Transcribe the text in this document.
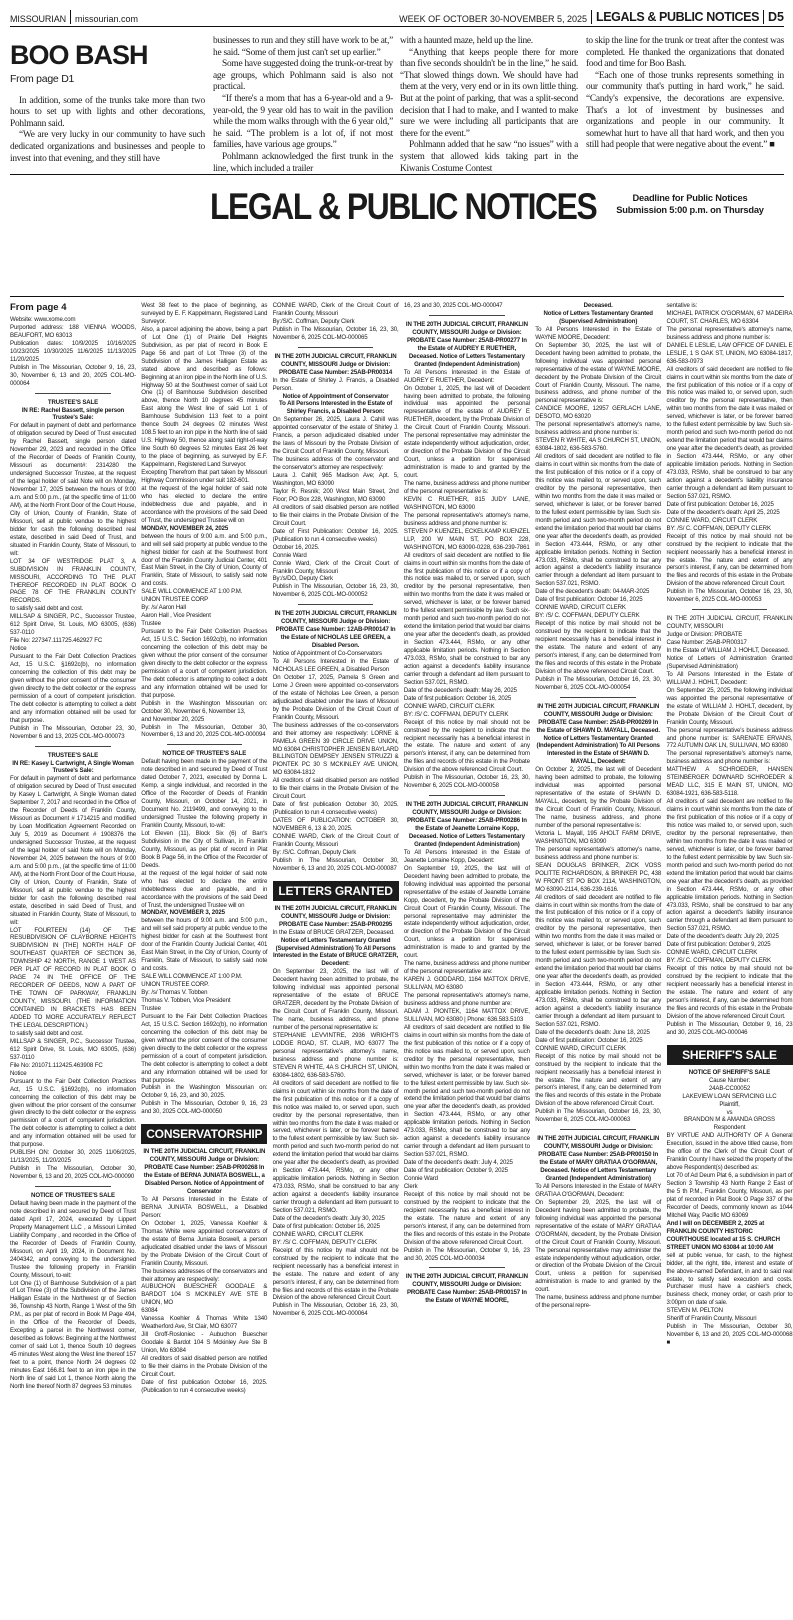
MISSOURIAN missourian.com	WEEK OF OCTOBER 30-NOVEMBER 5, 2025 LEGALS & PUBLIC NOTICES D5
BOO BASH
From page D1

In addition, some of the trunks take more than two hours to set up with lights and other decorations, Pohlmann said.

“We are very lucky in our community to have such dedicated organizations and businesses and people to invest into that evening, and they still have

businesses to run and they still have work to be at,” he said. “Some of them just can't set up earlier.”

Some have suggested doing the trunk-or-treat by age groups, which Pohlmann said is also not practical.

“If there's a mom that has a 6-year-old and a 9-year-old, the 9 year old has to wait in the pavilion while the mom walks through with the 6 year old,” he said. “The problem is a lot of, if not most families, have various age groups.”

Pohlmann acknowledged the first trunk in the line, which included a trailer

with a haunted maze, held up the line.

“Anything that keeps people there for more than five seconds shouldn't be in the line,” he said. “That slowed things down. We should have had them at the very, very end or in its own little thing. But at the point of parking, that was a split-second decision that I had to make, and I wanted to make sure we were including all participants that are there for the event.”

Pohlmann added that he saw “no issues” with a system that allowed kids taking part in the Kiwanis Costume Contest

to skip the line for the trunk or treat after the contest was completed. He thanked the organizations that donated food and time for Boo Bash.

“Each one of those trunks represents something in our community that's putting in hard work,” he said. “Candy's expensive, the decorations are expensive. That's a lot of investment by businesses and organizations and people in our community. It somewhat hurt to have all that hard work, and then you still had people that were negative about the event.” ■

LEGAL & PUBLIC NOTICES	Deadline for Public Notices
Submission 5:00 p.m. on Thursday
From page 4
Website: www.xome.com
Purported address: 188 VIENNA WOODS, BEAUFORT, MO 63013
Publication dates: 10/9/2025 10/16/2025 10/23/2025 10/30/2025 11/6/2025 11/13/2025 11/20/2025
Publish in The Missourian, October 9, 16, 23, 30, November 6, 13 and 20, 2025 COL-MO-000064
TRUSTEE'S SALE
IN RE: Rachel Bassett, single person Trustee's Sale:
For default in payment of debt and performance of obligation secured by Deed of Trust executed by Rachel Bassett, single person dated November 29, 2023 and recorded in the Office of the Recorder of Deeds of Franklin County, Missouri as document#: 2314280 the undersigned Successor Trustee, at the request of the legal holder of said Note will on Monday, November 17, 2025 between the hours of 9:00 a.m. and 5:00 p.m., (at the specific time of 11:00 AM), at the North Front Door of the Court House, City of Union, County of Franklin, State of Missouri, sell at public vendue to the highest bidder for cash the following described real estate, described in said Deed of Trust, and situated in Franklin County, State of Missouri, to wit:
LOT 34 OF WESTRIDGE PLAT 3, A SUBDIVISION IN FRANKLIN COUNTY, MISSOURI, ACCORDING TO THE PLAT THEREOF RECORDED IN PLAT BOOK O PAGE 78 OF THE FRANKLIN COUNTY RECORDS.
to satisfy said debt and cost.
MILLSAP & SINGER, P.C., Successor Trustee, 612 Spirit Drive, St. Louis, MO 63005, (636) 537-0110
File No: 227347.111725.462927 FC
Notice
Pursuant to the Fair Debt Collection Practices Act, 15 U.S.C. §1692c(b), no information concerning the collection of this debt may be given without the prior consent of the consumer given directly to the debt collector or the express permission of a court of competent jurisdiction. The debt collector is attempting to collect a debt and any information obtained will be used for that purpose.
Publish in The Missourian, October 23, 30, November 6 and 13, 2025 COL-MO-000073
TRUSTEE'S SALE
IN RE: Kasey L Cartwright, A Single Woman Trustee's Sale:
For default in payment of debt and performance of obligation secured by Deed of Trust executed by Kasey L Cartwright, A Single Woman dated September 7, 2017 and recorded in the Office of the Recorder of Deeds of Franklin County, Missouri as Document # 1714215 and modified by Loan Modification Agreement Recorded on July 5, 2019 as Document # 1908376 the undersigned Successor Trustee, at the request of the legal holder of said Note will on Monday, November 24, 2025 between the hours of 9:00 a.m. and 5:00 p.m., (at the specific time of 11:00 AM), at the North Front Door of the Court House, City of Union, County of Franklin, State of Missouri, sell at public vendue to the highest bidder for cash the following described real estate, described in said Deed of Trust, and situated in Franklin County, State of Missouri, to wit:
LOT FOURTEEN (14) OF THE RESUBDIVISION OF CLAYBORNE HEIGHTS SUBDIVISION IN [THE] NORTH HALF OF SOUTHEAST QUARTER OF SECTION 36, TOWNSHIP 42 NORTH, RANGE 1 WEST AS PER PLAT OF RECORD IN PLAT BOOK O PAGE 74 IN THE OFFICE OF THE RECORDER OF DEEDS, NOW A PART OF THE TOWN OF PARKWAY, FRANKLIN COUNTY, MISSOURI. (THE INFORMATION CONTAINED IN BRACKETS HAS BEEN ADDED TO MORE ACCURATELY REFLECT THE LEGAL DESCRIPTION.)
to satisfy said debt and cost.
MILLSAP & SINGER, P.C., Successor Trustee, 612 Spirit Drive, St. Louis, MO 63005, (636) 537-0110
File No: 201071.112425.463908 FC
Notice
Pursuant to the Fair Debt Collection Practices Act, 15 U.S.C. §1692c(b), no information concerning the collection of this debt may be given without the prior consent of the consumer given directly to the debt collector or the express permission of a court of competent jurisdiction. The debt collector is attempting to collect a debt and any information obtained will be used for that purpose.
PUBLISH ON: October 30, 2025 11/06/2025, 11/13/2025, 11/20/2025
Publish in The Missourian, October 30, November 6, 13 and 20, 2025 COL-MO-000090
NOTICE OF TRUSTEE'S SALE
Default having been made in the payment of the note described in and secured by Deed of Trust dated April 17, 2024, executed by Lippert Property Management LLC , a Missouri Limited Liability Company , and recorded in the Office of the Recorder of Deeds of Franklin County, Missouri, on April 19, 2024, in Document No. 2404342, and conveying to the undersigned Trustee the following property in Franklin County, Missouri, to-wit:
Lot One (1) of Barnhouse Subdivision of a part of Lot Three (3) of the Subdivision of the James Halligan Estate in the Northwest qr of Section 36, Township 43 North, Range 1 West of the 5th P.M., as per plat of record in Book M Page 494, in the Office of the Recorder of Deeds, Excepting a parcel in the Northwest corner, described as follows: Beginning at the Northwest corner of said Lot 1, thence South 10 degrees 45 minutes West along the West line thereof 157 feet to a point, thence North 24 degrees 02 minutes East 166.81 feet to an iron pipe in the North line of said Lot 1, thence North along the North line thereof North 87 degrees 53 minutes
West 38 feet to the place of beginning, as surveyed by E. F. Kappelmann, Registered Land Surveyor.
Also, a parcel adjoining the above, being a part of Lot One (1) of Prairie Dell Heights Subdivision, as per plat of record in Book E Page 56 and part of Lot Three (3) of the Subdivision of the James Halligan Estate as stated above and described as follows: Beginning at an iron pipe in the North line of U.S. Highway 50 at the Southwest corner of said Lot One (1) of Barnhouse Subdivision described above, thence North 10 degrees 45 minutes East along the West line of said Lot 1 of Barnhouse Subdivision 113 feet to a point thence South 24 degrees 02 minutes West 108.5 feet to an iron pipe in the North line of said U.S. Highway 50, thence along said right-of-way line South 60 degrees 52 minutes East 26 feet to the place of beginning, as surveyed by E.F. Kappelmann, Registered Land Surveyor.
Excepting Therefrom that part taken by Missouri Highway Commission under suit 182-601.
at the request of the legal holder of said note who has elected to declare the entire indebtedness due and payable, and in accordance with the provisions of the said Deed of Trust, the undersigned Trustee will on
MONDAY, NOVEMBER 24, 2025
between the hours of 9:00 a.m. and 5:00 p.m., and will sell said property at public vendue to the highest bidder for cash at the Southwest front door of the Franklin County Judicial Center, 401 East Main Street, in the City of Union, County of Franklin, State of Missouri, to satisfy said note and costs.
SALE WILL COMMENCE AT 1:00 P.M.
UNION TRUSTEE CORP
By: /s/ Aaron Hall
Aaron Hall , Vice President
Trustee
Pursuant to the Fair Debt Collection Practices Act, 15 U.S.C. Section 1692c(b), no information concerning the collection of this debt may be given without the prior consent of the consumer given directly to the debt collector or the express permission of a court of competent jurisdiction. The debt collector is attempting to collect a debt and any information obtained will be used for that purpose.
Publish in the Washington Missourian on: October 30, November 6, November 13,
and November 20, 2025
Publish in The Missourian, October 30, November 6, 13 and 20, 2025 COL-MO-000094
NOTICE OF TRUSTEE'S SALE
Default having been made in the payment of the note described in and secured by Deed of Trust dated October 7, 2021, executed by Donna L. Kemp, a single individual, and recorded in the Office of the Recorder of Deeds of Franklin County, Missouri, on October 14, 2021, in Document No. 2119499, and conveying to the undersigned Trustee the following property in Franklin County, Missouri, to-wit:
Lot Eleven (11), Block Six (6) of Barr's Subdivision in the City of Sullivan, in Franklin County, Missouri, as per plat of record in Plat Book B Page 56, in the Office of the Recorder of Deeds.
at the request of the legal holder of said note who has elected to declare the entire indebtedness due and payable, and in accordance with the provisions of the said Deed of Trust, the undersigned Trustee will on
MONDAY, NOVEMBER 3, 2025
between the hours of 9:00 a.m. and 5:00 p.m., and will sell said property at public vendue to the highest bidder for cash at the Southwest front door of the Franklin County Judicial Center, 401 East Main Street, in the City of Union, County of Franklin, State of Missouri, to satisfy said note and costs.
SALE WILL COMMENCE AT 1:00 P.M.
UNION TRUSTEE CORP.
By: /s/ Thomas V. Tobben
Thomas V. Tobben, Vice President
Trustee
Pursuant to the Fair Debt Collection Practices Act, 15 U.S.C. Section 1692c(b), no information concerning the collection of this debt may be given without the prior consent of the consumer given directly to the debt collector or the express permission of a court of competent jurisdiction. The debt collector is attempting to collect a debt and any information obtained will be used for that purpose.
Publish in the Washington Missourian on: October 9, 16, 23, and 30, 2025.
Publish in The Missourian, October 9, 16, 23 and 30, 2025 COL-MO-000050
CONSERVATORSHIP
IN THE 20TH JUDICIAL CIRCUIT, FRANKLIN COUNTY, MISSOURI Judge or Division: PROBATE Case Number: 25AB-PR00268 In the Estate of BERNA JUNIATA BOSWELL, a Disabled Person. Notice of Appointment of Conservator
To All Persons Interested in the Estate of BERNA JUNIATA BOSWELL, a Disabled Person:
On October 1, 2025, Vanessa Koehler & Thomas White were appointed conservators of the estate of Berna Juniata Boswell, a person adjudicated disabled under the laws of Missouri by the Probate Division of the Circuit Court of Franklin County, Missouri.
The business addresses of the conservators and their attorney are respectively:
AUBUCHON BUESCHER GOODALE & BARDOT 104 S MCKINLEY AVE STE B UNION, MO
63084
Vanessa Koehler & Thomas White 1340 Weatherford Ave, St Clair, MO 63077
Jill Groff-Rosloniec - Aubuchon Buescher Goodale & Bardot 104 S Mckinley Ave Ste B Union, Mo 63084
All creditors of said disabled person are notified to file their claims in the Probate Division of the Circuit Court.
Date of first publication October 16, 2025. (Publication to run 4 consecutive weeks)
CONNIE WARD, Clerk of the Circuit Court of Franklin County, Missouri
By:/S/C. Coffman, Deputy Clerk
Publish in The Missourian, October 16, 23, 30, November 6, 2025 COL-MO-000065
IN THE 20TH JUDICIAL CIRCUIT, FRANKLIN COUNTY, MISSOURI Judge or Division: PROBATE Case Number: 25AB-PR00314
In the Estate of Shirley J. Francis, a Disabled Person.
Notice of Appointment of Conservator
To All Persons Interested in the Estate of Shirley Francis, a Disabled Person:
On September 26, 2025, Laura J. Cahill was appointed conservator of the estate of Shirley J. Francis, a person adjudicated disabled under the laws of Missouri by the Probate Division of the Circuit Court of Franklin County, Missouri.
The business address of the conservator and the conservator's attorney are respectively:
Laura J. Cahill; 965 Madison Ave; Apt. 5, Washington, MO 63090
Taylor R. Resnik; 200 West Main Street, 2nd Floor; PO Box 228, Washington, MO 63090
All creditors of said disabled person are notified to file their claims in the Probate Division of the Circuit Court.
Date of First Publication: October 16, 2025. (Publication to run 4 consecutive weeks)
October 16, 2025.
Connie Ward
Connie Ward, Clerk of the Circuit Court of Franklin County, Missouri
By:/s/DO, Deputy Clerk
Publish in The Missourian, October 16, 23, 30, November 6, 2025 COL-MO-000052
IN THE 20TH JUDICIAL CIRCUIT, FRANKLIN COUNTY, MISSOURI Judge or Division: PROBATE Case Number: 12AB-PR00147 In the Estate of NICHOLAS LEE GREEN, a Disabled Person.
Notice of Appointment of Co-Conservators
To All Persons Interested in the Estate of NICHOLAS LEE GREEN, a Disabled Person
On October 17, 2025, Pamela S Green and Lorne J Green were appointed co-conservators of the estate of Nicholas Lee Green, a person adjudicated disabled under the laws of Missouri by the Probate Division of the Circuit Court of Franklin County, Missouri.
The business addresses of the co-conservators and their attorney are respectively: LORNE & PAMELA GREEN 39 CIRCLE DRIVE UNION, MO 63084 CHRISTOPHER JENSEN BAYLARD BILLINGTON DEMPSEY JENSEN STRUZZI & PIONTEK PC 30 S MCKINLEY AVE UNION, MO 63084-1812
All creditors of said disabled person are notified to file their claims in the Probate Division of the Circuit Court.
Date of first publication October 30, 2025. (Publication to run 4 consecutive weeks)
DATES OF PUBLICATION: OCTOBER 30, NOVEMBER 6, 13 & 20, 2025.
CONNIE WARD, Clerk of the Circuit Court of Franklin County, Missouri
By: /S/C. Coffman, Deputy Clerk
Publish in The Missourian, October 30, November 6, 13 and 20, 2025 COL-MO-000087
LETTERS GRANTED
IN THE 20TH JUDICIAL CIRCUIT, FRANKLIN COUNTY, MISSOURI Judge or Division: PROBATE Case Number: 25AB-PR00295
In the Estate of BRUCE GRATZER, Deceased.
Notice of Letters Testamentary Granted (Supervised Administration) To All Persons Interested in the Estate of BRUCE GRATZER, Decedent:
On September 23, 2025, the last will of Decedent having been admitted to probate, the following individual was appointed personal representative of the estate of BRUCE GRATZER, decedent by the Probate Division of the Circuit Court of Franklin County, Missouri. The name, business address, and phone number of the personal representative is:
STEPHANIE LEVVINTRE, 2936 WRIGHTS LODGE ROAD, ST. CLAIR, MO 63077 The personal representative's attorney's name, business address and phone number is: STEVEN R WHITE, 4A S CHURCH ST, UNION, 63084-1802, 636-583-5760.
All creditors of said decedent are notified to file claims in court within six months from the date of the first publication of this notice or if a copy of this notice was mailed to, or served upon, such creditor by the personal representative, then within two months from the date it was mailed or served, whichever is later, or be forever barred to the fullest extent permissible by law. Such six-month period and such two-month period do not extend the limitation period that would bar claims one year after the decedent's death, as provided in Section 473.444, RSMo, or any other applicable limitation periods. Nothing in Section 473.033, RSMo, shall be construed to bar any action against a decedent's liability insurance carrier through a defendant ad litem pursuant to Section 537.021, RSMO.
Date of the decedent's death: July 30, 2025
Date of first publication: October 16, 2025
CONNIE WARD, CIRCUIT CLERK
BY: /S/ C. COFFMAN, DEPUTY CLERK
Receipt of this notice by mail should not be construed by the recipient to indicate that the recipient necessarily has a beneficial interest in the estate. The nature and extent of any person's interest, if any, can be determined from the files and records of this estate in the Probate Division of the above referenced Circuit Court.
Publish in The Missourian, October 16, 23, 30, November 6, 2025 COL-MO-000064
16, 23 and 30, 2025 COL-MO-000047
IN THE 20TH JUDICIAL CIRCUIT, FRANKLIN COUNTY, MISSOURI Judge or Division: PROBATE Case Number: 25AB-PR00277 In the Estate of AUDREY E RUETHER, Deceased. Notice of Letters Testamentary Granted (Independent Administration)
To All Persons Interested in the Estate of AUDREY E RUETHER, Decedent:
On October 1, 2025, the last will of Decedent having been admitted to probate, the following individual was appointed the personal representative of the estate of AUDREY E RUETHER, decedent, by the Probate Division of the Circuit Court of Franklin County, Missouri. The personal representative may administer the estate independently without adjudication, order, or direction of the Probate Division of the Circuit Court, unless a petition for supervised administration is made to and granted by the court.
The name, business address and phone number of the personal representative is:
KEVIN C RUETHER, 815 JUDY LANE, WASHINGTON, MO 63090
The personal representative's attorney's name, business address and phone number is:
STEVEN P KUENZEL, ECKELKAMP KUENZEL LLP, 200 W MAIN ST, PO BOX 228, WASHINGTON, MO 63090-0228, 636-239-7861
All creditors of said decedent are notified to file claims in court within six months from the date of the first publication of this notice or if a copy of this notice was mailed to, or served upon, such creditor by the personal representative, then within two months from the date it was mailed or served, whichever is later, or be forever barred to the fullest extent permissible by law. Such six-month period and such two-month period do not extend the limitation period that would bar claims one year after the decedent's death, as provided in Section 473.444, RSMo, or any other applicable limitation periods. Nothing in Section 473.033, RSMo, shall be construed to bar any action against a decedent's liability insurance carrier through a defendant ad litem pursuant to Section 537.021, RSMO.
Date of the decedent's death: May 26, 2025
Date of first publication: October 16, 2025
CONNIE WARD, CIRCUIT CLERK
BY: /S/ C. COFFMAN, DEPUTY CLERK
Receipt of this notice by mail should not be construed by the recipient to indicate that the recipient necessarily has a beneficial interest in the estate. The nature and extent of any person's interest, if any, can be determined from the files and records of this estate in the Probate Division of the above referenced Circuit Court.
Publish in The Missourian, October 16, 23, 30, November 6, 2025 COL-MO-000058
IN THE 20TH JUDICIAL CIRCUIT, FRANKLIN COUNTY, MISSOURI Judge or Division: PROBATE Case Number: 25AB-PR00286 In the Estate of Jeanette Lorraine Kopp, Deceased. Notice of Letters Testamentary Granted (Independent Administration)
To All Persons Interested in the Estate of Jeanette Lorraine Kopp, Decedent:
On September 19, 2025, the last will of Decedent having been admitted to probate, the following individual was appointed the personal representative of the estate of Jeanette Lorraine Kopp, decedent, by the Probate Division of the Circuit Court of Franklin County, Missouri. The personal representative may administer the estate independently without adjudication, order, or direction of the Probate Division of the Circuit Court, unless a petition for supervised administration is made to and granted by the court.
The name, business address and phone number of the personal representative are:
KAREN J. GODDARD, 1164 MATTOX DRIVE, SULLIVAN, MO 63080
The personal representative's attorney's name, business address and phone number are:
ADAM J. PIONTEK, 1164 MATTOX DRIVE, SULLIVAN, MO 63080 | Phone: 636.583.5103
All creditors of said decedent are notified to file claims in court within six months from the date of the first publication of this notice or if a copy of this notice was mailed to, or served upon, such creditor by the personal representative, then within two months from the date it was mailed or served, whichever is later, or be forever barred to the fullest extent permissible by law. Such six-month period and such two-month period do not extend the limitation period that would bar claims one year after the decedent's death, as provided in Section 473.444, RSMo, or any other applicable limitation periods. Nothing in Section 473.033, RSMo, shall be construed to bar any action against a decedent's liability insurance carrier through a defendant ad litem pursuant to Section 537.021, RSMO.
Date of the decedent's death: July 4, 2025
Date of first publication: October 9, 2025
Connie Ward
Clerk
Receipt of this notice by mail should not be construed by the recipient to indicate that the recipient necessarily has a beneficial interest in the estate. The nature and extent of any person's interest, if any, can be determined from the files and records of this estate in the Probate Division of the above referenced Circuit Court.
Publish in The Missourian, October 9, 16, 23 and 30, 2025 COL-MO-000034
IN THE 20TH JUDICIAL CIRCUIT, FRANKLIN COUNTY, MISSOURI Judge or Division: PROBATE Case Number: 25AB-PR00157 In the Estate of WAYNE MOORE,
Deceased.
Notice of Letters Testamentary Granted (Supervised Administration)
To All Persons Interested in the Estate of WAYNE MOORE, Decedent:
On September 30, 2025, the last will of Decedent having been admitted to probate, the following individual was appointed personal representative of the estate of WAYNE MOORE, decedent by the Probate Division of the Circuit Court of Franklin County, Missouri. The name, business address, and phone number of the personal representative is:
CANDICE MOORE, 12957 GERLACH LANE, DESOTO, MO 63020
The personal representative's attorney's name, business address and phone number is:
STEVEN R WHITE, 4A S CHURCH ST, UNION, 63084-1802, 636-583-5760.
All creditors of said decedent are notified to file claims in court within six months from the date of the first publication of this notice or if a copy of this notice was mailed to, or served upon, such creditor by the personal representative, then within two months from the date it was mailed or served, whichever is later, or be forever barred to the fullest extent permissible by law. Such six-month period and such two-month period do not extend the limitation period that would bar claims one year after the decedent's death, as provided in Section 473.444, RSMo, or any other applicable limitation periods. Nothing in Section 473.033, RSMo, shall be construed to bar any action against a decedent's liability insurance carrier through a defendant ad litem pursuant to Section 537.021, RSMO.
Date of the decedent's death: 04-MAR-2025
Date of first publication: October 16, 2025
CONNIE WARD, CIRCUIT CLERK
BY: /S/ C. COFFMAN, DEPUTY CLERK
Receipt of this notice by mail should not be construed by the recipient to indicate that the recipient necessarily has a beneficial interest in the estate. The nature and extent of any person's interest, if any, can be determined from the files and records of this estate in the Probate Division of the above referenced Circuit Court.
Publish in The Missourian, October 16, 23, 30, November 6, 2025 COL-MO-000054
IN THE 20TH JUDICIAL CIRCUIT, FRANKLIN COUNTY, MISSOURI Judge or Division: PROBATE Case Number: 25AB-PR00269 In the Estate of SHAWN D. MAYALL, Deceased. Notice of Letters Testamentary Granted (Independent Administration) To All Persons Interested in the Estate of SHAWN D. MAYALL, Decedent:
On October 2, 2025, the last will of Decedent having been admitted to probate, the following individual was appointed personal representative of the estate of SHAWN D. MAYALL, decedent, by the Probate Division of the Circuit Court of Franklin County, Missouri. The name, business address, and phone number of the personal representative is:
Victoria L. Mayall, 195 AHOLT FARM DRIVE, WASHINGTON, MO 63090
The personal representative's attorney's name, business address and phone number is:
SEAN DOUGLAS BRINKER, ZICK VOSS POLITTE RICHARDSON, & BRINKER PC, 438 W FRONT ST PO BOX 2114, WASHINGTON, MO 63090-2114, 636-239-1616.
All creditors of said decedent are notified to file claims in court within six months from the date of the first publication of this notice or if a copy of this notice was mailed to, or served upon, such creditor by the personal representative, then within two months from the date it was mailed or served, whichever is later, or be forever barred to the fullest extent permissible by law. Such six-month period and such two-month period do not extend the limitation period that would bar claims one year after the decedent's death, as provided in Section 473.444, RSMo, or any other applicable limitation periods. Nothing in Section 473.033, RSMo, shall be construed to bar any action against a decedent's liability insurance carrier through a defendant ad litem pursuant to Section 537.021, RSMO.
Date of the decedent's death: June 18, 2025
Date of first publication: October 16, 2025
CONNIE WARD, CIRCUIT CLERK
Receipt of this notice by mail should not be construed by the recipient to indicate that the recipient necessarily has a beneficial interest in the estate. The nature and extent of any person's interest, if any, can be determined from the files and records of this estate in the Probate Division of the above referenced Circuit Court.
Publish in The Missourian, October 16, 23, 30, November 6, 2025 COL-MO-000063
IN THE 20TH JUDICIAL CIRCUIT, FRANKLIN COUNTY, MISSOURI Judge or Division: PROBATE Case Number: 25AB-PR00150 In the Estate of MARY GRATIAA O'GORMAN, Deceased. Notice of Letters Testamentary Granted (Independent Administration)
To All Persons Interested in the Estate of MARY GRATIAA O'GORMAN, Decedent:
On September 29, 2025, the last will of Decedent having been admitted to probate, the following individual was appointed the personal representative of the estate of MARY GRATIAA O'GORMAN, decedent, by the Probate Division of the Circuit Court of Franklin County, Missouri. The personal representative may administer the estate independently without adjudication, order, or direction of the Probate Division of the Circuit Court, unless a petition for supervised administration is made to and granted by the court.
The name, business address and phone number of the personal repre-
sentative is:
MICHAEL PATRICK O'GORMAN, 67 MADEIRA COURT, ST. CHARLES, MO 63304
The personal representative's attorney's name, business address and phone number is:
DANIEL E LESLIE, LAW OFFICE OF DANIEL E LESLIE, 1 S OAK ST, UNION, MO 63084-1817, 636-583-0973
All creditors of said decedent are notified to file claims in court within six months from the date of the first publication of this notice or if a copy of this notice was mailed to, or served upon, such creditor by the personal representative, then within two months from the date it was mailed or served, whichever is later, or be forever barred to the fullest extent permissible by law. Such six-month period and such two-month period do not extend the limitation period that would bar claims one year after the decedent's death, as provided in Section 473.444, RSMo, or any other applicable limitation periods. Nothing in Section 473.033, RSMo, shall be construed to bar any action against a decedent's liability insurance carrier through a defendant ad litem pursuant to Section 537.021, RSMO.
Date of first publication: October 16, 2025
Date of the decedent's death: April 25, 2025
CONNIE WARD, CIRCUIT CLERK
BY: /S/ C. COFFMAN, DEPUTY CLERK
Receipt of this notice by mail should not be construed by the recipient to indicate that the recipient necessarily has a beneficial interest in the estate. The nature and extent of any person's interest, if any, can be determined from the files and records of this estate in the Probate Division of the above referenced Circuit Court.
Publish in The Missourian, October 16, 23, 30, November 6, 2025 COL-MO-000053
IN THE 20TH JUDICIAL CIRCUIT, FRANKLIN COUNTY, MISSOURI
Judge or Division: PROBATE
Case Number: 25AB-PR00317
In the Estate of WILLIAM J. HOHLT, Deceased.
Notice of Letters of Administration Granted (Supervised Administration)
To All Persons Interested in the Estate of WILLIAM J. HOHLT, Decedent:
On September 25, 2025, the following individual was appointed the personal representative of the estate of WILLIAM J. HOHLT, decedent, by the Probate Division of the Circuit Court of Franklin County, Missouri.
The personal representative's business address and phone number is: SARENATE ERVANS, 772 AUTUMN OAK LN, SULLIVAN, MO 63080
The personal representative's attorney's name, business address and phone number is:
MATTHEW A SCHROEDER, HANSEN STEINBERGER DOWNARD SCHROEDER & MEAD LLC, 315 E MAIN ST, UNION, MO 63084-1921, 636-583-5118.
All creditors of said decedent are notified to file claims in court within six months from the date of the first publication of this notice or if a copy of this notice was mailed to, or served upon, such creditor by the personal representative, then within two months from the date it was mailed or served, whichever is later, or be forever barred to the fullest extent permissible by law. Such six-month period and such two-month period do not extend the limitation period that would bar claims one year after the decedent's death, as provided in Section 473.444, RSMo, or any other applicable limitation periods. Nothing in Section 473.033, RSMo, shall be construed to bar any action against a decedent's liability insurance carrier through a defendant ad litem pursuant to Section 537.021, RSMO.
Date of the decedent's death: July 29, 2025
Date of first publication: October 9, 2025
CONNIE WARD, CIRCUIT CLERK
BY: /S/ C. COFFMAN, DEPUTY CLERK
Receipt of this notice by mail should not be construed by the recipient to indicate that the recipient necessarily has a beneficial interest in the estate. The nature and extent of any person's interest, if any, can be determined from the files and records of this estate in the Probate Division of the above referenced Circuit Court.
Publish in The Missourian, October 9, 16, 23 and 30, 2025 COL-MO-000046
SHERIFF'S SALE
NOTICE OF SHERIFF'S SALE
Cause Number:
24AB-CC00052
LAKEVIEW LOAN SERVICING LLC
Plaintiff,
vs
BRANDON M & AMANDA GROSS
Respondent
BY VIRTUE AND AUTHORITY OF A General Execution, issued in the above titled cause, from the office of the Clerk of the Circuit Court of Franklin County I have seized the property of the above Respondent(s) described as:
Lot 70 of Ad Deum Plat 6, a subdivision in part of Section 3 Township 43 North Range 2 East of the 5 th P.M., Franklin County, Missouri, as per plat of recorded in Plat Book O Page 337 of the Recorder of Deeds, commonly known as 1044 Mitchell Way, Pacific MO 63069
And I will on DECEMBER 2, 2025 at FRANKLIN COUNTY HISTORIC COURTHOUSE located at 15 S. CHURCH STREET UNION MO 63084 at 10:00 AM
sell at public venue, for cash, to the highest bidder, all the right, title, interest and estate of the above-named Defendant, in and to said real estate, to satisfy said execution and costs. Purchaser must have a cashier's check, business check, money order, or cash prior to 3:00pm on date of sale.
STEVEN M. PELTON
Sheriff of Franklin County, Missouri
Publish in The Missourian, October 30, November 6, 13 and 20, 2025 COL-MO-000068 ■
